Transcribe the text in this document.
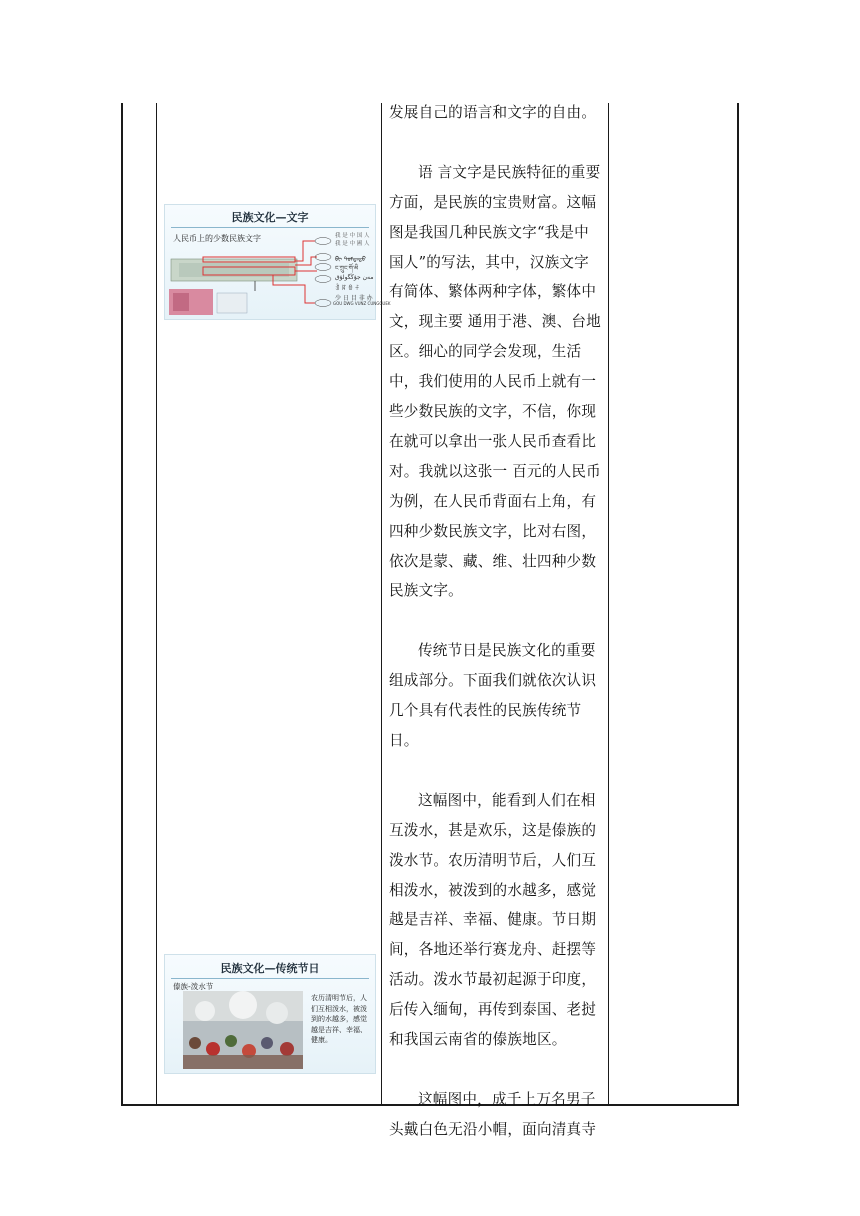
民族文化—文字
人民币上的少数民族文字	我 是 中 国 人
我 是 中 國 人
ᠪᠢ ᠳᠤᠮᠳᠠᠳᠤ
ང་ཀྲུང་གོ་མི
مەن جۇڭگولۇق
ꀉ ꍏ ꇩ ꊰ
少 日 目 非 办
GOU DWG VUNZ CUNGGUEK
民族文化—传统节日
傣族-泼水节
农历清明节后，人们互相泼水，被泼到的水越多，感觉越是吉祥、幸福、健康。

发展自己的语言和文字的自由。

语 言文字是民族特征的重要方面，是民族的宝贵财富。这幅图是我国几种民族文字“我是中国人”的写法，其中，汉族文字有简体、繁体两种字体，繁体中文，现主要 通用于港、澳、台地区。细心的同学会发现，生活中，我们使用的人民币上就有一些少数民族的文字，不信，你现在就可以拿出一张人民币查看比对。我就以这张一 百元的人民币为例，在人民币背面右上角，有四种少数民族文字，比对右图，依次是蒙、藏、维、壮四种少数民族文字。

传统节日是民族文化的重要组成部分。下面我们就依次认识几个具有代表性的民族传统节日。

这幅图中，能看到人们在相互泼水，甚是欢乐，这是傣族的泼水节。农历清明节后，人们互相泼水，被泼到的水越多，感觉越是吉祥、幸福、健康。节日期间，各地还举行赛龙舟、赶摆等活动。泼水节最初起源于印度，后传入缅甸，再传到泰国、老挝和我国云南省的傣族地区。

这幅图中，成千上万名男子头戴白色无沿小帽，面向清真寺
